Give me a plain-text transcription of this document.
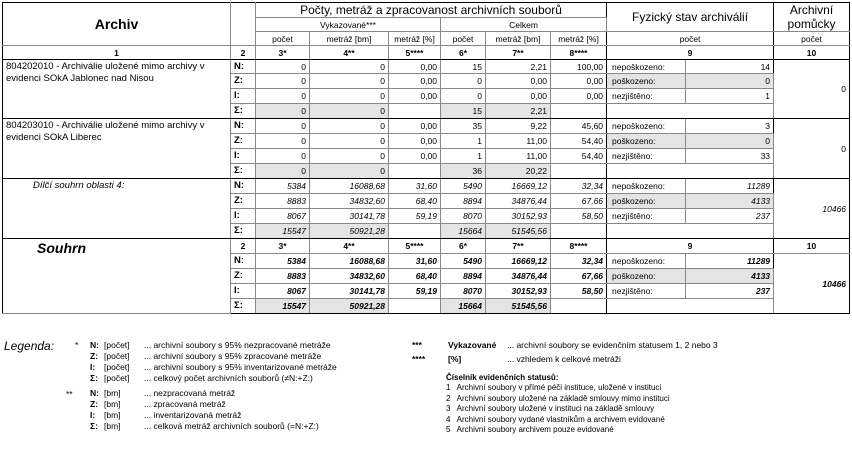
Archiv		Počty, metráž a zpracovanost archivních souborů						Fyzický stav archiválií		Archivní pomůcky
		Vykazované***			Celkem					
		počet	metráž [bm]	metráž [%]	počet	metráž [bm]	metráž [%]	počet		počet
1	2	3*	4**	5****	6*	7**	8****	9		10
804202010 - Archiválie uložené mimo archivy v evidenci SOkA Jablonec nad Nisou	N:	0	0	0,00	15	2,21	100,00	nepoškozeno:	14	0
	Z:	0	0	0,00	0	0,00	0,00	poškozeno:	0	
	I:	0	0	0,00	0	0,00	0,00	nezjištěno:	1	
	Σ:	0	0		15	2,21				
804203010 - Archiválie uložené mimo archivy v evidenci SOkA Liberec	N:	0	0	0,00	35	9,22	45,60	nepoškozeno:	3	0
	Z:	0	0	0,00	1	11,00	54,40	poškozeno:	0	
	I:	0	0	0,00	1	11,00	54,40	nezjištěno:	33	
	Σ:	0	0		36	20,22				
Dílčí souhrn oblasti 4:	N:	5384	16088,68	31,60	5490	16669,12	32,34	nepoškozeno:	11289	10466
	Z:	8883	34832,60	68,40	8894	34876,44	67,66	poškozeno:	4133	
	I:	8067	30141,78	59,19	8070	30152,93	58,50	nezjištěno:	237	
	Σ:	15547	50921,28		15664	51545,56				
Souhrn	2	3*	4**	5****	6*	7**	8****	9		10
	N:	5384	16088,68	31,60	5490	16669,12	32,34	nepoškozeno:	11289	10466
	Z:	8883	34832,60	68,40	8894	34876,44	67,66	poškozeno:	4133	
	I:	8067	30141,78	59,19	8070	30152,93	58,50	nezjištěno:	237	
	Σ:	15547	50921,28		15664	51545,56				
Legenda: *
**
N: [počet]	... archivní soubory s 95% nezpracované metráže
Z: [počet]	... archivní soubory s 95% zpracované metráže
I:	[počet]	... archivní soubory s 95% inventarizované metráže
Σ: [počet]	... celkový počet archivních souborů (≠N:+Z:)
N: [bm]	... nezpracovaná metráž
Z: [bm]	... zpracovaná metráž
I:	[bm]	... inventarizovaná metráž
Σ: [bm]	... celková metráž archivních souborů (=N:+Z:)
***	Vykazované ... archivní soubory se evidenčním statusem 1, 2 nebo 3
****	[%]	... vzhledem k celkové metráži
Číselník evidenčních statusů:
1   Archivní soubory v přímé péči instituce, uložené v instituci
2   Archivní soubory uložené na základě smlouvy mimo instituci
3   Archivní soubory uložené v instituci na základě smlouvy
4   Archivní soubory vydané vlastníkům a archivem evidované
5   Archivní soubory archivem pouze evidované
